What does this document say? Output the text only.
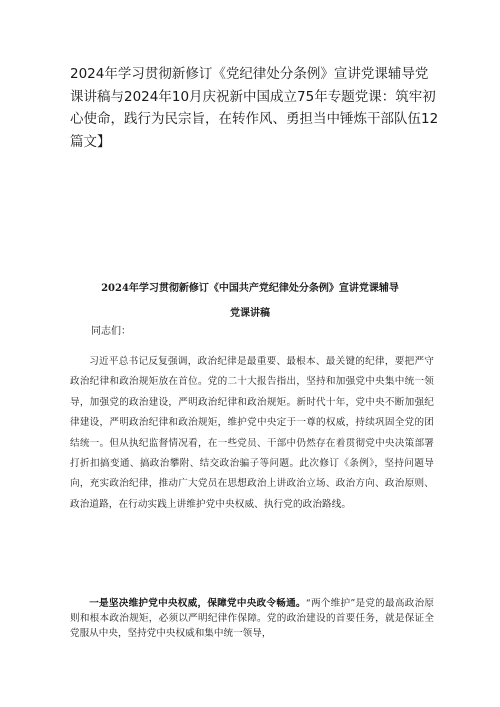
2024年学习贯彻新修订《党纪律处分条例》宣讲党课辅导党课讲稿与2024年10月庆祝新中国成立75年专题党课：筑牢初心使命，践行为民宗旨，在转作风、勇担当中锤炼干部队伍12篇文】
2024年学习贯彻新修订《中国共产党纪律处分条例》宣讲党课辅导
党课讲稿

同志们：

习近平总书记反复强调，政治纪律是最重要、最根本、最关键的纪律，要把严守政治纪律和政治规矩放在首位。党的二十大报告指出，坚持和加强党中央集中统一领导，加强党的政治建设，严明政治纪律和政治规矩。新时代十年，党中央不断加强纪律建设，严明政治纪律和政治规矩，维护党中央定于一尊的权威，持续巩固全党的团结统一。但从执纪监督情况看，在一些党员、干部中仍然存在着贯彻党中央决策部署打折扣搞变通、搞政治攀附、结交政治骗子等问题。此次修订《条例》，坚持问题导向，充实政治纪律，推动广大党员在思想政治上讲政治立场、政治方向、政治原则、政治道路，在行动实践上讲维护党中央权威、执行党的政治路线。

一是坚决维护党中央权威，保障党中央政令畅通。“两个维护”是党的最高政治原则和根本政治规矩，必须以严明纪律作保障。党的政治建设的首要任务，就是保证全党服从中央，坚持党中央权威和集中统一领导，
